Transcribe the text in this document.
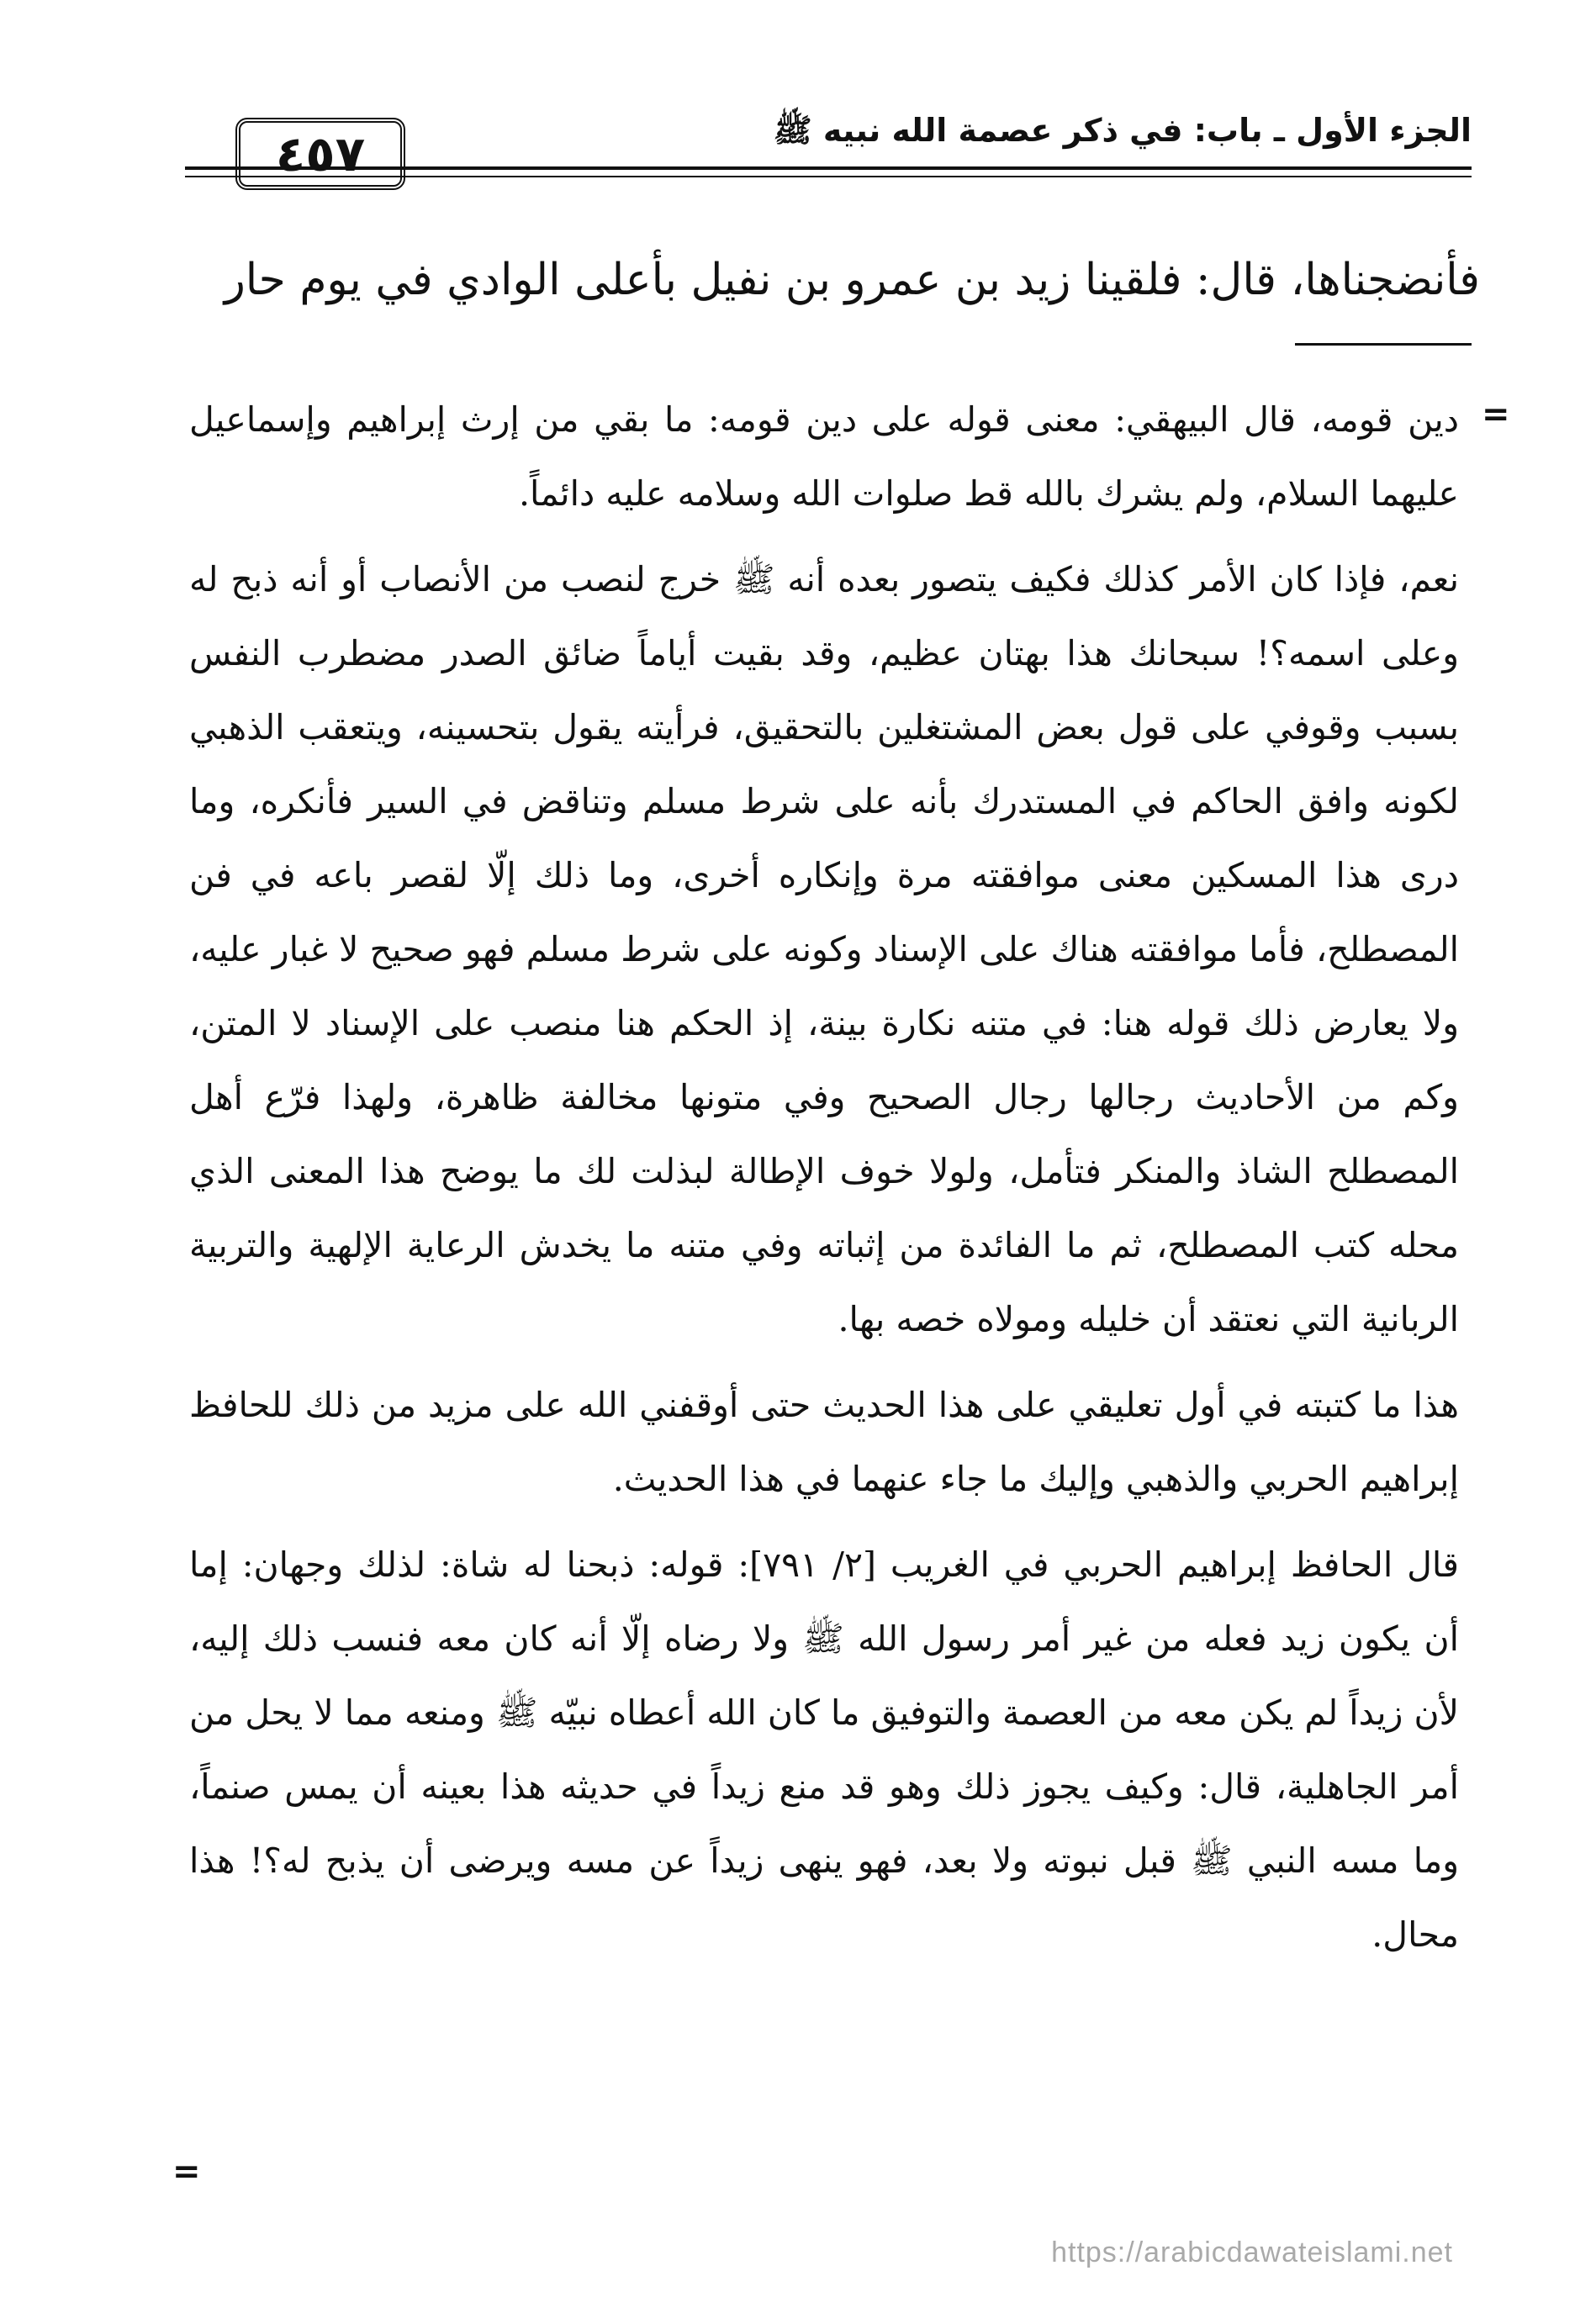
٤٥٧	الجزء الأول ـ باب: في ذكر عصمة الله نبيه ﷺ
فأنضجناها، قال: فلقينا زيد بن عمرو بن نفيل بأعلى الوادي في يوم حار
=

دين قومه، قال البيهقي: معنى قوله على دين قومه: ما بقي من إرث إبراهيم وإسماعيل عليهما السلام، ولم يشرك بالله قط صلوات الله وسلامه عليه دائماً.

نعم، فإذا كان الأمر كذلك فكيف يتصور بعده أنه ﷺ خرج لنصب من الأنصاب أو أنه ذبح له وعلى اسمه؟! سبحانك هذا بهتان عظيم، وقد بقيت أياماً ضائق الصدر مضطرب النفس بسبب وقوفي على قول بعض المشتغلين بالتحقيق، فرأيته يقول بتحسينه، ويتعقب الذهبي لكونه وافق الحاكم في المستدرك بأنه على شرط مسلم وتناقض في السير فأنكره، وما درى هذا المسكين معنى موافقته مرة وإنكاره أخرى، وما ذلك إلّا لقصر باعه في فن المصطلح، فأما موافقته هناك على الإسناد وكونه على شرط مسلم فهو صحيح لا غبار عليه، ولا يعارض ذلك قوله هنا: في متنه نكارة بينة، إذ الحكم هنا منصب على الإسناد لا المتن، وكم من الأحاديث رجالها رجال الصحيح وفي متونها مخالفة ظاهرة، ولهذا فرّع أهل المصطلح الشاذ والمنكر فتأمل، ولولا خوف الإطالة لبذلت لك ما يوضح هذا المعنى الذي محله كتب المصطلح، ثم ما الفائدة من إثباته وفي متنه ما يخدش الرعاية الإلهية والتربية الربانية التي نعتقد أن خليله ومولاه خصه بها.

هذا ما كتبته في أول تعليقي على هذا الحديث حتى أوقفني الله على مزيد من ذلك للحافظ إبراهيم الحربي والذهبي وإليك ما جاء عنهما في هذا الحديث.

قال الحافظ إبراهيم الحربي في الغريب [٢/ ٧٩١]: قوله: ذبحنا له شاة: لذلك وجهان: إما أن يكون زيد فعله من غير أمر رسول الله ﷺ ولا رضاه إلّا أنه كان معه فنسب ذلك إليه، لأن زيداً لم يكن معه من العصمة والتوفيق ما كان الله أعطاه نبيّه ﷺ ومنعه مما لا يحل من أمر الجاهلية، قال: وكيف يجوز ذلك وهو قد منع زيداً في حديثه هذا بعينه أن يمس صنماً، وما مسه النبي ﷺ قبل نبوته ولا بعد، فهو ينهى زيداً عن مسه ويرضى أن يذبح له؟! هذا محال.

=
https://arabicdawateislami.net
